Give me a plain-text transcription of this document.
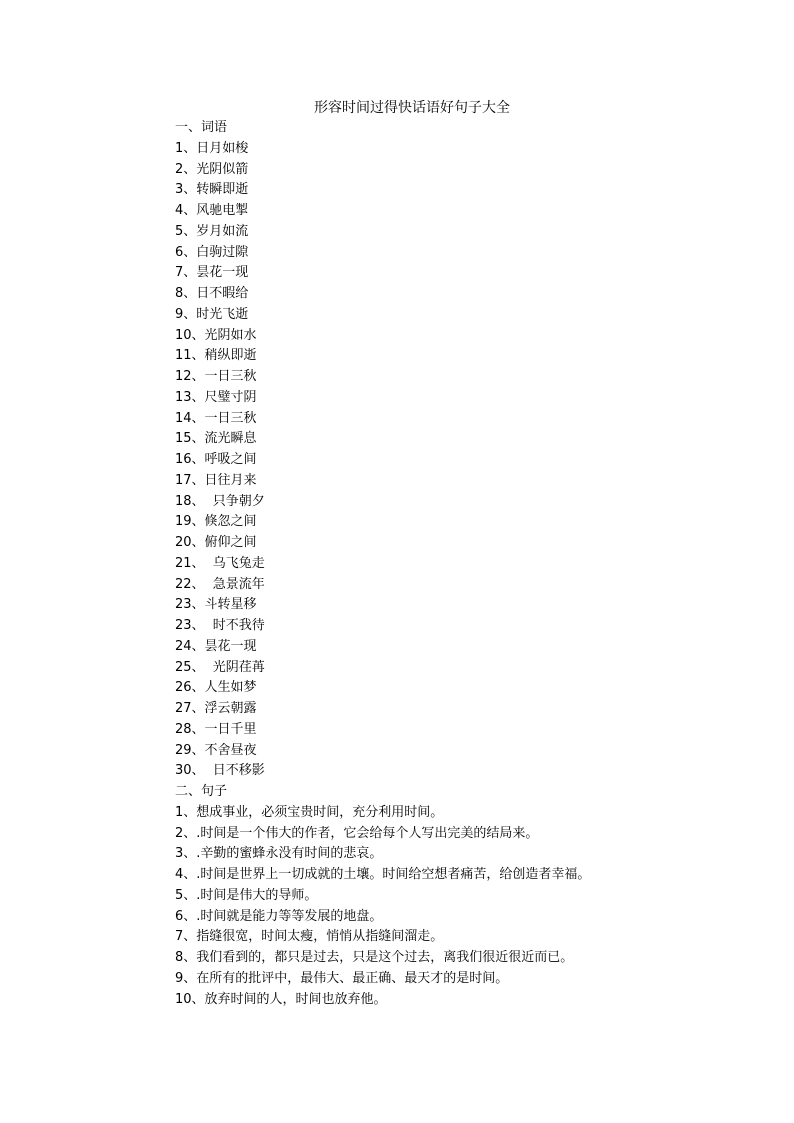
形容时间过得快话语好句子大全
一、词语
1、日月如梭
2、光阴似箭
3、转瞬即逝
4、风驰电掣
5、岁月如流
6、白驹过隙
7、昙花一现
8、日不暇给
9、时光飞逝
10、光阴如水
11、稍纵即逝
12、一日三秋
13、尺璧寸阴
14、一日三秋
15、流光瞬息
16、呼吸之间
17、日往月来
18、  只争朝夕
19、倏忽之间
20、俯仰之间
21、  乌飞兔走
22、  急景流年
23、斗转星移
23、  时不我待
24、昙花一现
25、  光阴荏苒
26、人生如梦
27、浮云朝露
28、一日千里
29、不舍昼夜
30、  日不移影
二、句子
1、想成事业，必须宝贵时间，充分利用时间。
2、.时间是一个伟大的作者，它会给每个人写出完美的结局来。
3、.辛勤的蜜蜂永没有时间的悲哀。
4、.时间是世界上一切成就的土壤。时间给空想者痛苦，给创造者幸福。
5、.时间是伟大的导师。
6、.时间就是能力等等发展的地盘。
7、指缝很宽，时间太瘦，悄悄从指缝间溜走。
8、我们看到的，都只是过去，只是这个过去，离我们很近很近而已。
9、在所有的批评中，最伟大、最正确、最天才的是时间。
10、放弃时间的人，时间也放弃他。
